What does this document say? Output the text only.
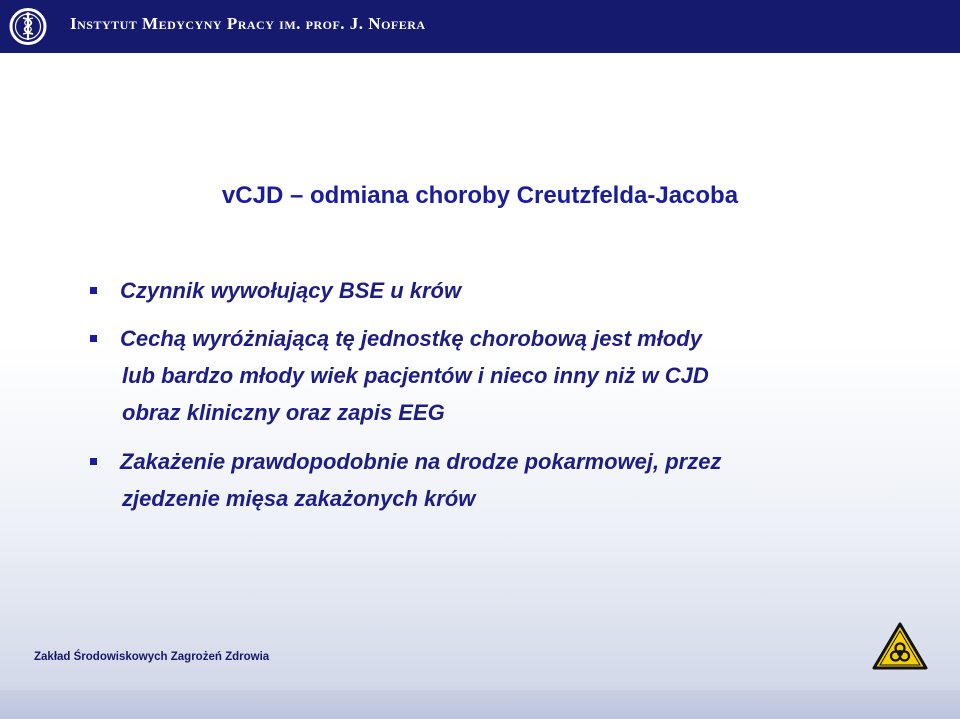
Instytut Medycyny Pracy im. prof. J. Nofera
vCJD – odmiana choroby Creutzfelda-Jacoba
Czynnik wywołujący BSE u krów
Cechą wyróżniającą tę jednostkę chorobową jest młody
lub bardzo młody wiek pacjentów i nieco inny niż w CJD
obraz kliniczny oraz zapis EEG
Zakażenie prawdopodobnie na drodze pokarmowej, przez
zjedzenie mięsa zakażonych krów
Zakład Środowiskowych Zagrożeń Zdrowia
